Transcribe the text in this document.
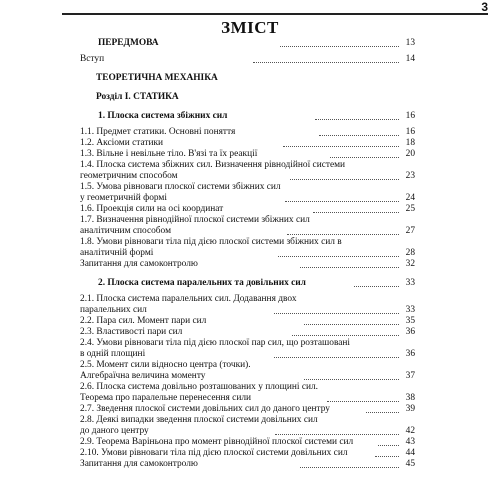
3
ЗМІСТ
ПЕРЕДМОВА	13
Вступ	14
ТЕОРЕТИЧНА МЕХАНІКА
Розділ І. СТАТИКА
1. Плоска система збіжних сил	16
1.1. Предмет статики. Основні поняття	16
1.2. Аксіоми статики	18
1.3. Вільне і невільне тіло. В'язі та їх реакції	20
1.4. Плоска система збіжних сил. Визначення рівнодійної системи
геометричним способом	23
1.5. Умова рівноваги плоскої системи збіжних сил
у геометричній формі	24
1.6. Проекція сили на осі координат	25
1.7. Визначення рівнодійної плоскої системи збіжних сил
аналітичним способом	27
1.8. Умови рівноваги тіла під дією плоскої системи збіжних сил в
аналітичній формі	28
Запитання для самоконтролю	32
2. Плоска система паралельних та довільних сил	33
2.1. Плоска система паралельних сил. Додавання двох
паралельних сил	33
2.2. Пара сил. Момент пари сил	35
2.3. Властивості пари сил	36
2.4. Умови рівноваги тіла під дією плоскої пар сил, що розташовані
в одній площині	36
2.5. Момент сили відносно центра (точки).
Алгебраїчна величина моменту	37
2.6. Плоска система довільно розташованих у площині сил.
Теорема про паралельне перенесення сили	38
2.7. Зведення плоскої системи довільних сил до даного центру	39
2.8. Деякі випадки зведення плоскої системи довільних сил
до даного центру	42
2.9. Теорема Варіньона про момент рівнодійної плоскої системи сил	43
2.10. Умови рівноваги тіла під дією плоскої системи довільних сил	44
Запитання для самоконтролю	45
